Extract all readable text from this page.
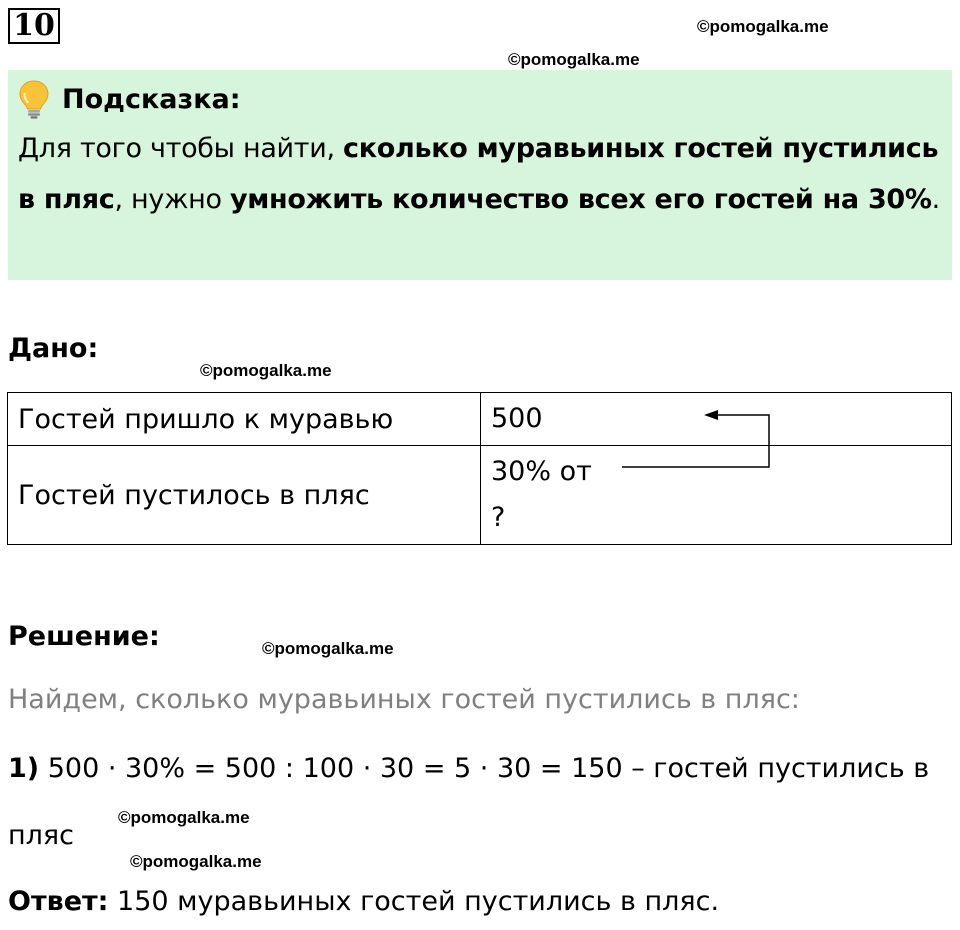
10	©pomogalka.me
©pomogalka.me
Подсказка:
Для того чтобы найти, сколько муравьиных гостей пустились в пляс, нужно умножить количество всех его гостей на 30%.
Дано:
©pomogalka.me
Гостей пришло к муравью	500

Гостей пустилось в пляс	30% от
?
Решение:	©pomogalka.me
Найдем, сколько муравьиных гостей пустились в пляс:
1) 500 · 30% = 500 : 100 · 30 = 5 · 30 = 150 – гостей пустились в
©pomogalka.me
пляс
©pomogalka.me
Ответ: 150 муравьиных гостей пустились в пляс.
